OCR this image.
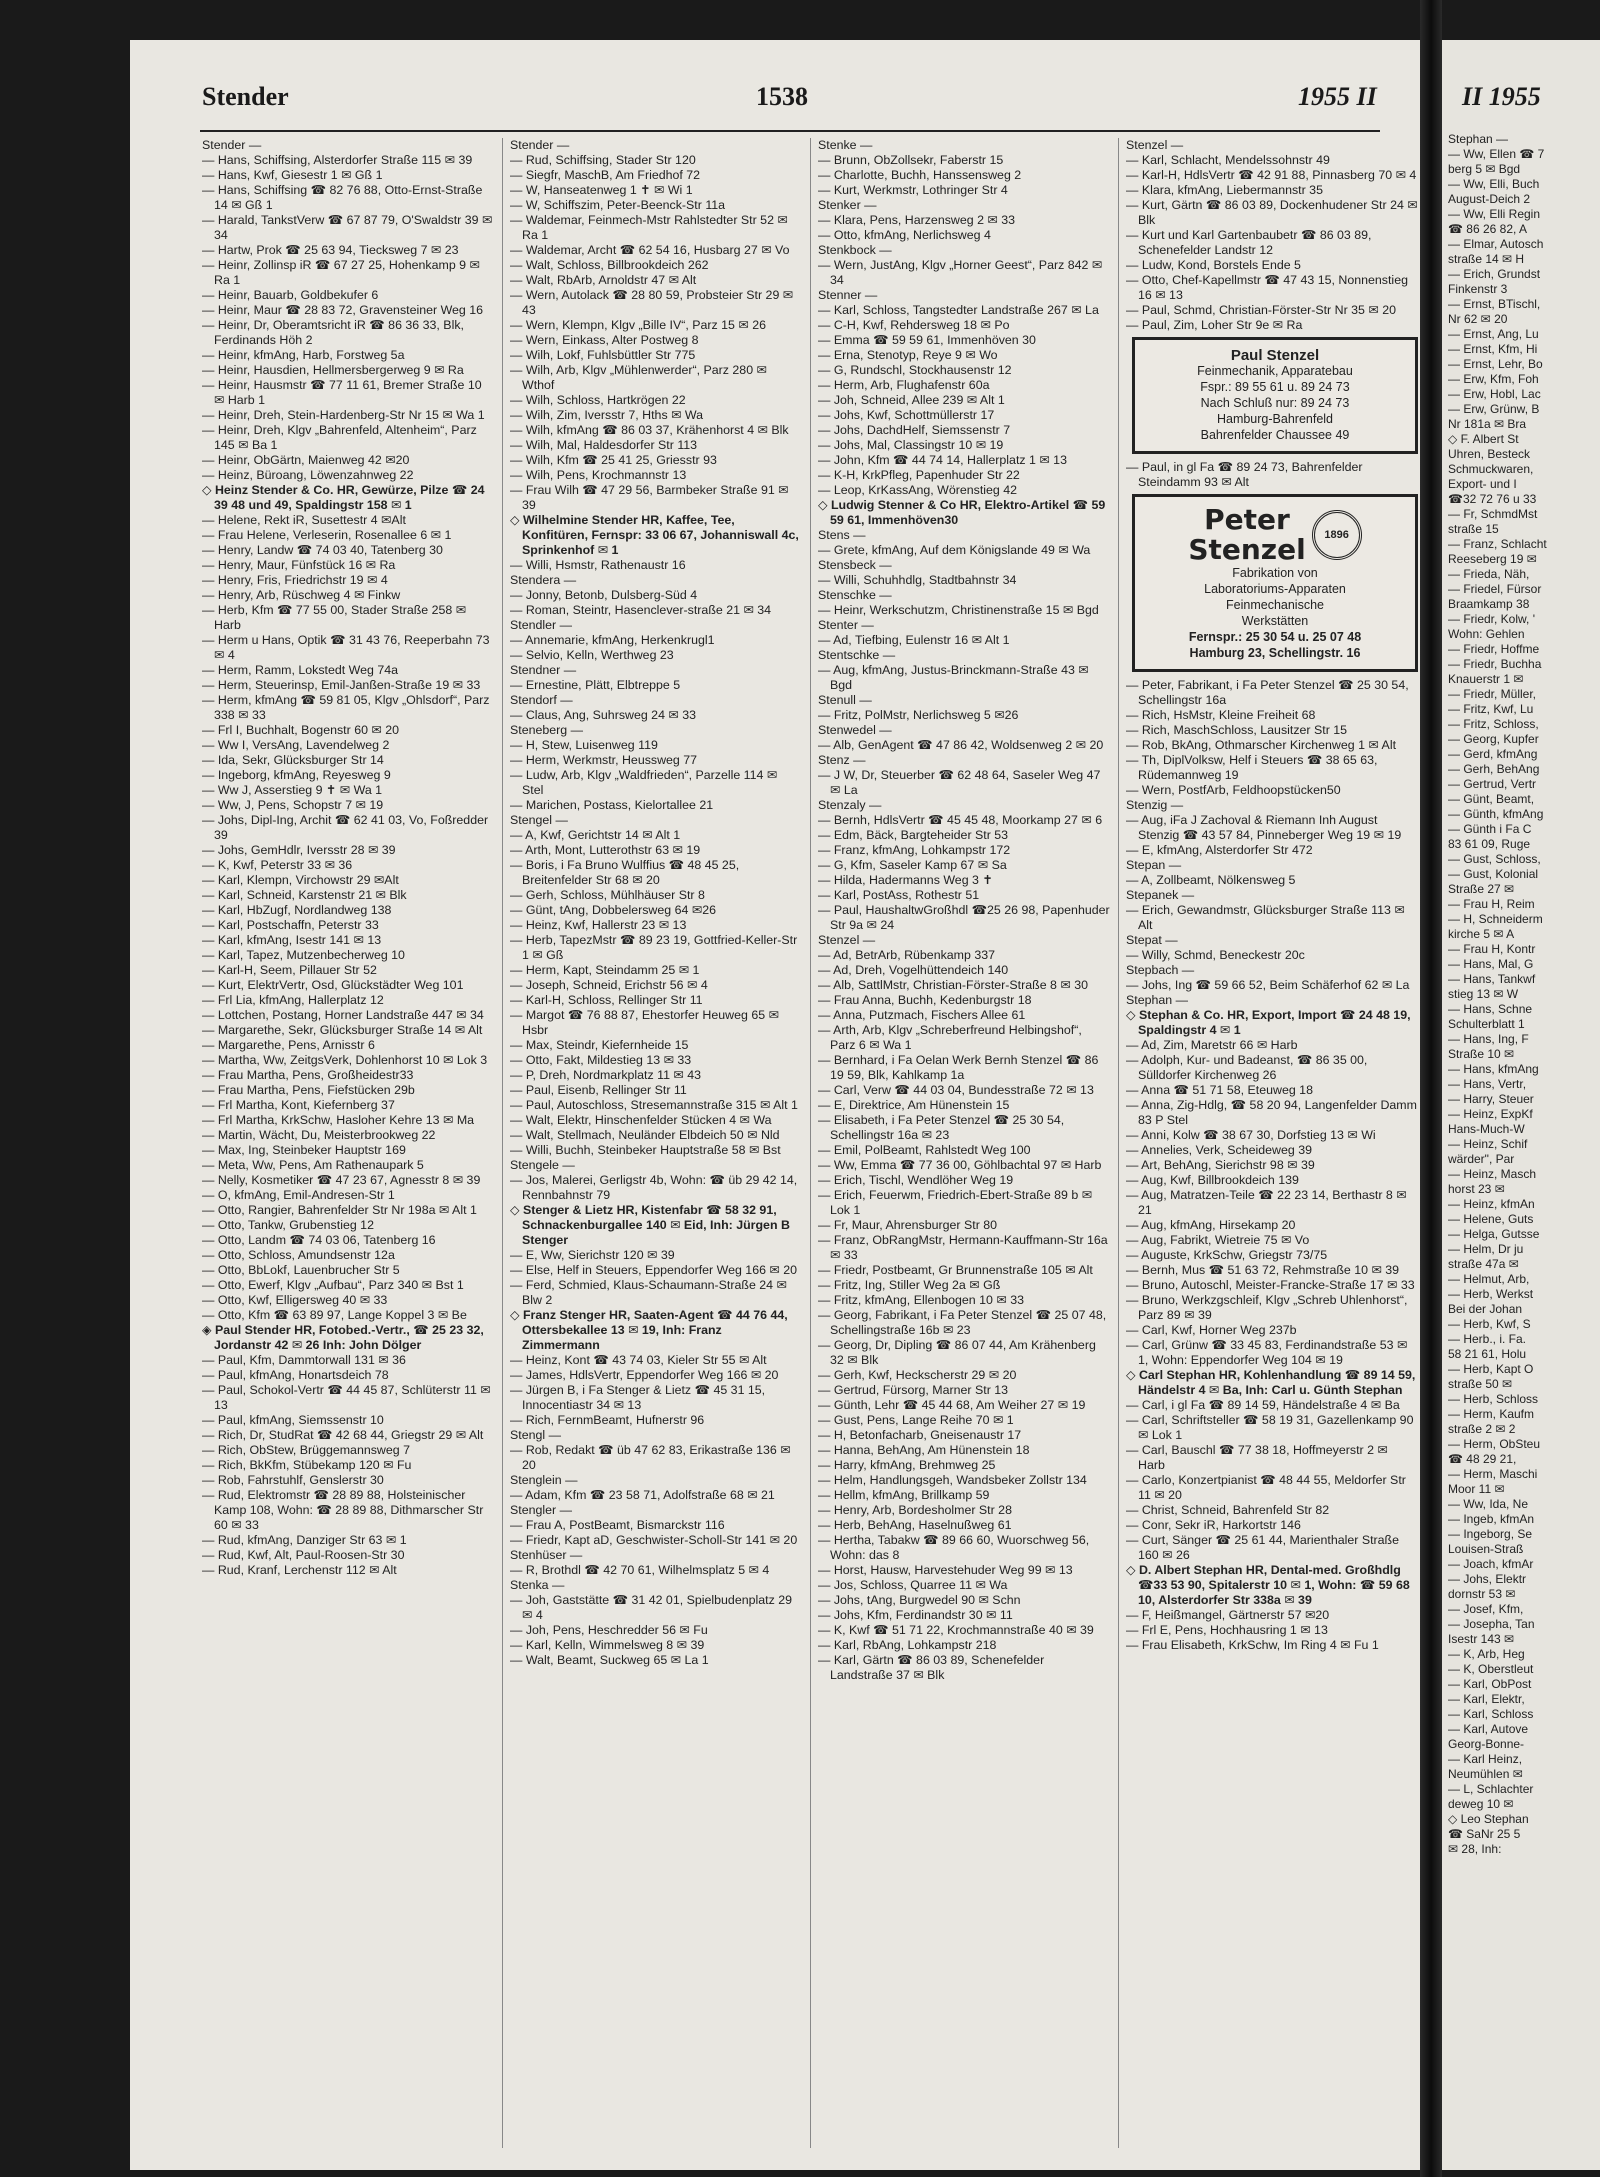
Stender	1538	1955 II
Stender —
— Hans, Schiffsing, Alsterdorfer Straße 115 ✉ 39
— Hans, Kwf, Giesestr 1 ✉ Gß 1
— Hans, Schiffsing ☎ 82 76 88, Otto-Ernst-Straße 14 ✉ Gß 1
— Harald, TankstVerw ☎ 67 87 79, O'Swaldstr 39 ✉ 34
— Hartw, Prok ☎ 25 63 94, Tiecksweg 7 ✉ 23
— Heinr, Zollinsp iR ☎ 67 27 25, Hohenkamp 9 ✉ Ra 1
— Heinr, Bauarb, Goldbekufer 6
— Heinr, Maur ☎ 28 83 72, Gravensteiner Weg 16
— Heinr, Dr, Oberamtsricht iR ☎ 86 36 33, Blk, Ferdinands Höh 2
— Heinr, kfmAng, Harb, Forstweg 5a
— Heinr, Hausdien, Hellmersbergerweg 9 ✉ Ra
— Heinr, Hausmstr ☎ 77 11 61, Bremer Straße 10 ✉ Harb 1
— Heinr, Dreh, Stein-Hardenberg-Str Nr 15 ✉ Wa 1
— Heinr, Dreh, Klgv „Bahrenfeld, Altenheim“, Parz 145 ✉ Ba 1
— Heinr, ObGärtn, Maienweg 42 ✉20
— Heinz, Büroang, Löwenzahnweg 22
◇ Heinz Stender & Co. HR, Gewürze, Pilze ☎ 24 39 48 und 49, Spaldingstr 158 ✉ 1
— Helene, Rekt iR, Susettestr 4 ✉Alt
— Frau Helene, Verleserin, Rosenallee 6 ✉ 1
— Henry, Landw ☎ 74 03 40, Tatenberg 30
— Henry, Maur, Fünfstück 16 ✉ Ra
— Henry, Fris, Friedrichstr 19 ✉ 4
— Henry, Arb, Rüschweg 4 ✉ Finkw
— Herb, Kfm ☎ 77 55 00, Stader Straße 258 ✉ Harb
— Herm u Hans, Optik ☎ 31 43 76, Reeperbahn 73 ✉ 4
— Herm, Ramm, Lokstedt Weg 74a
— Herm, Steuerinsp, Emil-Janßen-Straße 19 ✉ 33
— Herm, kfmAng ☎ 59 81 05, Klgv „Ohlsdorf“, Parz 338 ✉ 33
— Frl I, Buchhalt, Bogenstr 60 ✉ 20
— Ww I, VersAng, Lavendelweg 2
— Ida, Sekr, Glücksburger Str 14
— Ingeborg, kfmAng, Reyesweg 9
— Ww J, Asserstieg 9 ✝ ✉ Wa 1
— Ww, J, Pens, Schopstr 7 ✉ 19
— Johs, Dipl-Ing, Archit ☎ 62 41 03, Vo, Foßredder 39
— Johs, GemHdlr, Iversstr 28 ✉ 39
— K, Kwf, Peterstr 33 ✉ 36
— Karl, Klempn, Virchowstr 29 ✉Alt
— Karl, Schneid, Karstenstr 21 ✉ Blk
— Karl, HbZugf, Nordlandweg 138
— Karl, Postschaffn, Peterstr 33
— Karl, kfmAng, Isestr 141 ✉ 13
— Karl, Tapez, Mutzenbecherweg 10
— Karl-H, Seem, Pillauer Str 52
— Kurt, ElektrVertr, Osd, Glückstädter Weg 101
— Frl Lia, kfmAng, Hallerplatz 12
— Lottchen, Postang, Horner Landstraße 447 ✉ 34
— Margarethe, Sekr, Glücksburger Straße 14 ✉ Alt
— Margarethe, Pens, Arnisstr 6
— Martha, Ww, ZeitgsVerk, Dohlenhorst 10 ✉ Lok 3
— Frau Martha, Pens, Großheidestr33
— Frau Martha, Pens, Fiefstücken 29b
— Frl Martha, Kont, Kiefernberg 37
— Frl Martha, KrkSchw, Hasloher Kehre 13 ✉ Ma
— Martin, Wächt, Du, Meisterbrookweg 22
— Max, Ing, Steinbeker Hauptstr 169
— Meta, Ww, Pens, Am Rathenaupark 5
— Nelly, Kosmetiker ☎ 47 23 67, Agnesstr 8 ✉ 39
— O, kfmAng, Emil-Andresen-Str 1
— Otto, Rangier, Bahrenfelder Str Nr 198a ✉ Alt 1
— Otto, Tankw, Grubenstieg 12
— Otto, Landm ☎ 74 03 06, Tatenberg 16
— Otto, Schloss, Amundsenstr 12a
— Otto, BbLokf, Lauenbrucher Str 5
— Otto, Ewerf, Klgv „Aufbau“, Parz 340 ✉ Bst 1
— Otto, Kwf, Elligersweg 40 ✉ 33
— Otto, Kfm ☎ 63 89 97, Lange Koppel 3 ✉ Be
◈ Paul Stender HR, Fotobed.-Vertr., ☎ 25 23 32, Jordanstr 42 ✉ 26 Inh: John Dölger
— Paul, Kfm, Dammtorwall 131 ✉ 36
— Paul, kfmAng, Honartsdeich 78
— Paul, Schokol-Vertr ☎ 44 45 87, Schlüterstr 11 ✉ 13
— Paul, kfmAng, Siemssenstr 10
— Rich, Dr, StudRat ☎ 42 68 44, Griegstr 29 ✉ Alt
— Rich, ObStew, Brüggemannsweg 7
— Rich, BkKfm, Stübekamp 120 ✉ Fu
— Rob, Fahrstuhlf, Genslerstr 30
— Rud, Elektromstr ☎ 28 89 88, Holsteinischer Kamp 108, Wohn: ☎ 28 89 88, Dithmarscher Str 60 ✉ 33
— Rud, kfmAng, Danziger Str 63 ✉ 1
— Rud, Kwf, Alt, Paul-Roosen-Str 30
— Rud, Kranf, Lerchenstr 112 ✉ Alt
Stender —
— Rud, Schiffsing, Stader Str 120
— Siegfr, MaschB, Am Friedhof 72
— W, Hanseatenweg 1 ✝ ✉ Wi 1
— W, Schiffszim, Peter-Beenck-Str 11a
— Waldemar, Feinmech-Mstr Rahlstedter Str 52 ✉ Ra 1
— Waldemar, Archt ☎ 62 54 16, Husbarg 27 ✉ Vo
— Walt, Schloss, Billbrookdeich 262
— Walt, RbArb, Arnoldstr 47 ✉ Alt
— Wern, Autolack ☎ 28 80 59, Probsteier Str 29 ✉ 43
— Wern, Klempn, Klgv „Bille IV“, Parz 15 ✉ 26
— Wern, Einkass, Alter Postweg 8
— Wilh, Lokf, Fuhlsbüttler Str 775
— Wilh, Arb, Klgv „Mühlenwerder“, Parz 280 ✉ Wthof
— Wilh, Schloss, Hartkrögen 22
— Wilh, Zim, Iversstr 7, Hths ✉ Wa
— Wilh, kfmAng ☎ 86 03 37, Krähenhorst 4 ✉ Blk
— Wilh, Mal, Haldesdorfer Str 113
— Wilh, Kfm ☎ 25 41 25, Griesstr 93
— Wilh, Pens, Krochmannstr 13
— Frau Wilh ☎ 47 29 56, Barmbeker Straße 91 ✉ 39
◇ Wilhelmine Stender HR, Kaffee, Tee, Konfitüren, Fernspr: 33 06 67, Johanniswall 4c, Sprinkenhof ✉ 1
— Willi, Hsmstr, Rathenaustr 16
Stendera —
— Jonny, Betonb, Dulsberg-Süd 4
— Roman, Steintr, Hasenclever-straße 21 ✉ 34
Stendler —
— Annemarie, kfmAng, Herkenkrugl1
— Selvio, Kelln, Werthweg 23
Stendner —
— Ernestine, Plätt, Elbtreppe 5
Stendorf —
— Claus, Ang, Suhrsweg 24 ✉ 33
Steneberg —
— H, Stew, Luisenweg 119
— Herm, Werkmstr, Heussweg 77
— Ludw, Arb, Klgv „Waldfrieden“, Parzelle 114 ✉ Stel
— Marichen, Postass, Kielortallee 21
Stengel —
— A, Kwf, Gerichtstr 14 ✉ Alt 1
— Arth, Mont, Lutterothstr 63 ✉ 19
— Boris, i Fa Bruno Wulffius ☎ 48 45 25, Breitenfelder Str 68 ✉ 20
— Gerh, Schloss, Mühlhäuser Str 8
— Günt, tAng, Dobbelersweg 64 ✉26
— Heinz, Kwf, Hallerstr 23 ✉ 13
— Herb, TapezMstr ☎ 89 23 19, Gottfried-Keller-Str 1 ✉ Gß
— Herm, Kapt, Steindamm 25 ✉ 1
— Joseph, Schneid, Erichstr 56 ✉ 4
— Karl-H, Schloss, Rellinger Str 11
— Margot ☎ 76 88 87, Ehestorfer Heuweg 65 ✉ Hsbr
— Max, Steindr, Kiefernheide 15
— Otto, Fakt, Mildestieg 13 ✉ 33
— P, Dreh, Nordmarkplatz 11 ✉ 43
— Paul, Eisenb, Rellinger Str 11
— Paul, Autoschloss, Stresemannstraße 315 ✉ Alt 1
— Walt, Elektr, Hinschenfelder Stücken 4 ✉ Wa
— Walt, Stellmach, Neuländer Elbdeich 50 ✉ Nld
— Willi, Buchh, Steinbeker Hauptstraße 58 ✉ Bst
Stengele —
— Jos, Malerei, Gerligstr 4b, Wohn: ☎ üb 29 42 14, Rennbahnstr 79
◇ Stenger & Lietz HR, Kistenfabr ☎ 58 32 91, Schnackenburgallee 140 ✉ Eid, Inh: Jürgen B Stenger
— E, Ww, Sierichstr 120 ✉ 39
— Else, Helf in Steuers, Eppendorfer Weg 166 ✉ 20
— Ferd, Schmied, Klaus-Schaumann-Straße 24 ✉ Blw 2
◇ Franz Stenger HR, Saaten-Agent ☎ 44 76 44, Ottersbekallee 13 ✉ 19, Inh: Franz Zimmermann
— Heinz, Kont ☎ 43 74 03, Kieler Str 55 ✉ Alt
— James, HdlsVertr, Eppendorfer Weg 166 ✉ 20
— Jürgen B, i Fa Stenger & Lietz ☎ 45 31 15, Innocentiastr 34 ✉ 13
— Rich, FernmBeamt, Hufnerstr 96
Stengl —
— Rob, Redakt ☎ üb 47 62 83, Erikastraße 136 ✉ 20
Stenglein —
— Adam, Kfm ☎ 23 58 71, Adolfstraße 68 ✉ 21
Stengler —
— Frau A, PostBeamt, Bismarckstr 116
— Friedr, Kapt aD, Geschwister-Scholl-Str 141 ✉ 20
Stenhüser —
— R, Brothdl ☎ 42 70 61, Wilhelmsplatz 5 ✉ 4
Stenka —
— Joh, Gaststätte ☎ 31 42 01, Spielbudenplatz 29 ✉ 4
— Joh, Pens, Heschredder 56 ✉ Fu
— Karl, Kelln, Wimmelsweg 8 ✉ 39
— Walt, Beamt, Suckweg 65 ✉ La 1
Stenke —
— Brunn, ObZollsekr, Faberstr 15
— Charlotte, Buchh, Hanssensweg 2
— Kurt, Werkmstr, Lothringer Str 4
Stenker —
— Klara, Pens, Harzensweg 2 ✉ 33
— Otto, kfmAng, Nerlichsweg 4
Stenkbock —
— Wern, JustAng, Klgv „Horner Geest“, Parz 842 ✉ 34
Stenner —
— Karl, Schloss, Tangstedter Landstraße 267 ✉ La
— C-H, Kwf, Rehdersweg 18 ✉ Po
— Emma ☎ 59 59 61, Immenhöven 30
— Erna, Stenotyp, Reye 9 ✉ Wo
— G, Rundschl, Stockhausenstr 12
— Herm, Arb, Flughafenstr 60a
— Joh, Schneid, Allee 239 ✉ Alt 1
— Johs, Kwf, Schottmüllerstr 17
— Johs, DachdHelf, Siemssenstr 7
— Johs, Mal, Classingstr 10 ✉ 19
— John, Kfm ☎ 44 74 14, Hallerplatz 1 ✉ 13
— K-H, KrkPfleg, Papenhuder Str 22
— Leop, KrKassAng, Wörenstieg 42
◇ Ludwig Stenner & Co HR, Elektro-Artikel ☎ 59 59 61, Immenhöven30
Stens —
— Grete, kfmAng, Auf dem Königslande 49 ✉ Wa
Stensbeck —
— Willi, Schuhhdlg, Stadtbahnstr 34
Stenschke —
— Heinr, Werkschutzm, Christinenstraße 15 ✉ Bgd
Stenter —
— Ad, Tiefbing, Eulenstr 16 ✉ Alt 1
Stentschke —
— Aug, kfmAng, Justus-Brinckmann-Straße 43 ✉ Bgd
Stenull —
— Fritz, PolMstr, Nerlichsweg 5 ✉26
Stenwedel —
— Alb, GenAgent ☎ 47 86 42, Woldsenweg 2 ✉ 20
Stenz —
— J W, Dr, Steuerber ☎ 62 48 64, Saseler Weg 47 ✉ La
Stenzaly —
— Bernh, HdlsVertr ☎ 45 45 48, Moorkamp 27 ✉ 6
— Edm, Bäck, Bargteheider Str 53
— Franz, kfmAng, Lohkampstr 172
— G, Kfm, Saseler Kamp 67 ✉ Sa
— Hilda, Hadermanns Weg 3 ✝
— Karl, PostAss, Rothestr 51
— Paul, HaushaltwGroßhdl ☎25 26 98, Papenhuder Str 9a ✉ 24
Stenzel —
— Ad, BetrArb, Rübenkamp 337
— Ad, Dreh, Vogelhüttendeich 140
— Alb, SattlMstr, Christian-Förster-Straße 8 ✉ 30
— Frau Anna, Buchh, Kedenburgstr 18
— Anna, Putzmach, Fischers Allee 61
— Arth, Arb, Klgv „Schreberfreund Helbingshof“, Parz 6 ✉ Wa 1
— Bernhard, i Fa Oelan Werk Bernh Stenzel ☎ 86 19 59, Blk, Kahlkamp 1a
— Carl, Verw ☎ 44 03 04, Bundesstraße 72 ✉ 13
— E, Direktrice, Am Hünenstein 15
— Elisabeth, i Fa Peter Stenzel ☎ 25 30 54, Schellingstr 16a ✉ 23
— Emil, PolBeamt, Rahlstedt Weg 100
— Ww, Emma ☎ 77 36 00, Göhlbachtal 97 ✉ Harb
— Erich, Tischl, Wendlöher Weg 19
— Erich, Feuerwm, Friedrich-Ebert-Straße 89 b ✉ Lok 1
— Fr, Maur, Ahrensburger Str 80
— Franz, ObRangMstr, Hermann-Kauffmann-Str 16a ✉ 33
— Friedr, Postbeamt, Gr Brunnenstraße 105 ✉ Alt
— Fritz, Ing, Stiller Weg 2a ✉ Gß
— Fritz, kfmAng, Ellenbogen 10 ✉ 33
— Georg, Fabrikant, i Fa Peter Stenzel ☎ 25 07 48, Schellingstraße 16b ✉ 23
— Georg, Dr, Dipling ☎ 86 07 44, Am Krähenberg 32 ✉ Blk
— Gerh, Kwf, Heckscherstr 29 ✉ 20
— Gertrud, Fürsorg, Marner Str 13
— Günth, Lehr ☎ 45 44 68, Am Weiher 27 ✉ 19
— Gust, Pens, Lange Reihe 70 ✉ 1
— H, Betonfacharb, Gneisenaustr 17
— Hanna, BehAng, Am Hünenstein 18
— Harry, kfmAng, Brehmweg 25
— Helm, Handlungsgeh, Wandsbeker Zollstr 134
— Hellm, kfmAng, Brillkamp 59
— Henry, Arb, Bordesholmer Str 28
— Herb, BehAng, Haselnußweg 61
— Hertha, Tabakw ☎ 89 66 60, Wuorschweg 56, Wohn: das 8
— Horst, Hausw, Harvestehuder Weg 99 ✉ 13
— Jos, Schloss, Quarree 11 ✉ Wa
— Johs, tAng, Burgwedel 90 ✉ Schn
— Johs, Kfm, Ferdinandstr 30 ✉ 11
— K, Kwf ☎ 51 71 22, Krochmannstraße 40 ✉ 39
— Karl, RbAng, Lohkampstr 218
— Karl, Gärtn ☎ 86 03 89, Schenefelder Landstraße 37 ✉ Blk
Stenzel —
— Karl, Schlacht, Mendelssohnstr 49
— Karl-H, HdlsVertr ☎ 42 91 88, Pinnasberg 70 ✉ 4
— Klara, kfmAng, Liebermannstr 35
— Kurt, Gärtn ☎ 86 03 89, Dockenhudener Str 24 ✉ Blk
— Kurt und Karl Gartenbaubetr ☎ 86 03 89, Schenefelder Landstr 12
— Ludw, Kond, Borstels Ende 5
— Otto, Chef-Kapellmstr ☎ 47 43 15, Nonnenstieg 16 ✉ 13
— Paul, Schmd, Christian-Förster-Str Nr 35 ✉ 20
— Paul, Zim, Loher Str 9e ✉ Ra
Paul Stenzel
Feinmechanik, Apparatebau
Fspr.: 89 55 61 u. 89 24 73
Nach Schluß nur: 89 24 73
Hamburg-Bahrenfeld
Bahrenfelder Chaussee 49
— Paul, in gl Fa ☎ 89 24 73, Bahrenfelder Steindamm 93 ✉ Alt
Peter
Stenzel 1896
Fabrikation von
Laboratoriums-Apparaten
Feinmechanische
Werkstätten
Fernspr.: 25 30 54 u. 25 07 48
Hamburg 23, Schellingstr. 16
— Peter, Fabrikant, i Fa Peter Stenzel ☎ 25 30 54, Schellingstr 16a
— Rich, HsMstr, Kleine Freiheit 68
— Rich, MaschSchloss, Lausitzer Str 15
— Rob, BkAng, Othmarscher Kirchenweg 1 ✉ Alt
— Th, DiplVolksw, Helf i Steuers ☎ 38 65 63, Rüdemannweg 19
— Wern, PostfArb, Feldhoopstücken50
Stenzig —
— Aug, iFa J Zachoval & Riemann Inh August Stenzig ☎ 43 57 84, Pinneberger Weg 19 ✉ 19
— E, kfmAng, Alsterdorfer Str 472
Stepan —
— A, Zollbeamt, Nölkensweg 5
Stepanek —
— Erich, Gewandmstr, Glücksburger Straße 113 ✉ Alt
Stepat —
— Willy, Schmd, Beneckestr 20c
Stepbach —
— Johs, Ing ☎ 59 66 52, Beim Schäferhof 62 ✉ La
Stephan —
◇ Stephan & Co. HR, Export, Import ☎ 24 48 19, Spaldingstr 4 ✉ 1
— Ad, Zim, Maretstr 66 ✉ Harb
— Adolph, Kur- und Badeanst, ☎ 86 35 00, Sülldorfer Kirchenweg 26
— Anna ☎ 51 71 58, Eteuweg 18
— Anna, Zig-Hdlg, ☎ 58 20 94, Langenfelder Damm 83 P Stel
— Anni, Kolw ☎ 38 67 30, Dorfstieg 13 ✉ Wi
— Annelies, Verk, Scheideweg 39
— Art, BehAng, Sierichstr 98 ✉ 39
— Aug, Kwf, Billbrookdeich 139
— Aug, Matratzen-Teile ☎ 22 23 14, Berthastr 8 ✉ 21
— Aug, kfmAng, Hirsekamp 20
— Aug, Fabrikt, Wietreie 75 ✉ Vo
— Auguste, KrkSchw, Griegstr 73/75
— Bernh, Mus ☎ 51 63 72, Rehmstraße 10 ✉ 39
— Bruno, Autoschl, Meister-Francke-Straße 17 ✉ 33
— Bruno, Werkzgschleif, Klgv „Schreb Uhlenhorst“, Parz 89 ✉ 39
— Carl, Kwf, Horner Weg 237b
— Carl, Grünw ☎ 33 45 83, Ferdinandstraße 53 ✉ 1, Wohn: Eppendorfer Weg 104 ✉ 19
◇ Carl Stephan HR, Kohlenhandlung ☎ 89 14 59, Händelstr 4 ✉ Ba, Inh: Carl u. Günth Stephan
— Carl, i gl Fa ☎ 89 14 59, Händelstraße 4 ✉ Ba
— Carl, Schriftsteller ☎ 58 19 31, Gazellenkamp 90 ✉ Lok 1
— Carl, Bauschl ☎ 77 38 18, Hoffmeyerstr 2 ✉ Harb
— Carlo, Konzertpianist ☎ 48 44 55, Meldorfer Str 11 ✉ 20
— Christ, Schneid, Bahrenfeld Str 82
— Conr, Sekr iR, Harkortstr 146
— Curt, Sänger ☎ 25 61 44, Marienthaler Straße 160 ✉ 26
◇ D. Albert Stephan HR, Dental-med. Großhdlg ☎33 53 90, Spitalerstr 10 ✉ 1, Wohn: ☎ 59 68 10, Alsterdorfer Str 338a ✉ 39
— F, Heißmangel, Gärtnerstr 57 ✉20
— Frl E, Pens, Hochhausring 1 ✉ 13
— Frau Elisabeth, KrkSchw, Im Ring 4 ✉ Fu 1
II 1955
Stephan —
— Ww, Ellen ☎ 7
berg 5 ✉ Bgd
— Ww, Elli, Buch
August-Deich 2
— Ww, Elli Regin
☎ 86 26 82, A
— Elmar, Autosch
straße 14 ✉ H
— Erich, Grundst
Finkenstr 3
— Ernst, BTischl,
Nr 62 ✉ 20
— Ernst, Ang, Lu
— Ernst, Kfm, Hi
— Ernst, Lehr, Bo
— Erw, Kfm, Foh
— Erw, Hobl, Lac
— Erw, Grünw, B
Nr 181a ✉ Bra
◇ F. Albert St
Uhren, Besteck
Schmuckwaren,
Export- und I
☎32 72 76 u 33
— Fr, SchmdMst
straße 15
— Franz, Schlacht
Reeseberg 19 ✉
— Frieda, Näh,
— Friedel, Fürsor
Braamkamp 38
— Friedr, Kolw, '
Wohn: Gehlen
— Friedr, Hoffme
— Friedr, Buchha
Knauerstr 1 ✉
— Friedr, Müller,
— Fritz, Kwf, Lu
— Fritz, Schloss,
— Georg, Kupfer
— Gerd, kfmAng
— Gerh, BehAng
— Gertrud, Vertr
— Günt, Beamt,
— Günth, kfmAng
— Günth i Fa C
83 61 09, Ruge
— Gust, Schloss,
— Gust, Kolonial
Straße 27 ✉
— Frau H, Reim
— H, Schneiderm
kirche 5 ✉ A
— Frau H, Kontr
— Hans, Mal, G
— Hans, Tankwf
stieg 13 ✉ W
— Hans, Schne
Schulterblatt 1
— Hans, Ing, F
Straße 10 ✉
— Hans, kfmAng
— Hans, Vertr,
— Harry, Steuer
— Heinz, ExpKf
Hans-Much-W
— Heinz, Schif
wärder", Par
— Heinz, Masch
horst 23 ✉
— Heinz, kfmAn
— Helene, Guts
— Helga, Gutsse
— Helm, Dr ju
straße 47a ✉
— Helmut, Arb,
— Herb, Werkst
Bei der Johan
— Herb, Kwf, S
— Herb., i. Fa.
58 21 61, Holu
— Herb, Kapt O
straße 50 ✉
— Herb, Schloss
— Herm, Kaufm
straße 2 ✉ 2
— Herm, ObSteu
☎ 48 29 21,
— Herm, Maschi
Moor 11 ✉
— Ww, Ida, Ne
— Ingeb, kfmAn
— Ingeborg, Se
Louisen-Straß
— Joach, kfmAr
— Johs, Elektr
dornstr 53 ✉
— Josef, Kfm,
— Josepha, Tan
Isestr 143 ✉
— K, Arb, Heg
— K, Oberstleut
— Karl, ObPost
— Karl, Elektr,
— Karl, Schloss
— Karl, Autove
Georg-Bonne-
— Karl Heinz,
Neumühlen ✉
— L, Schlachter
deweg 10 ✉
◇ Leo Stephan
☎ SaNr 25 5
✉ 28, Inh:
